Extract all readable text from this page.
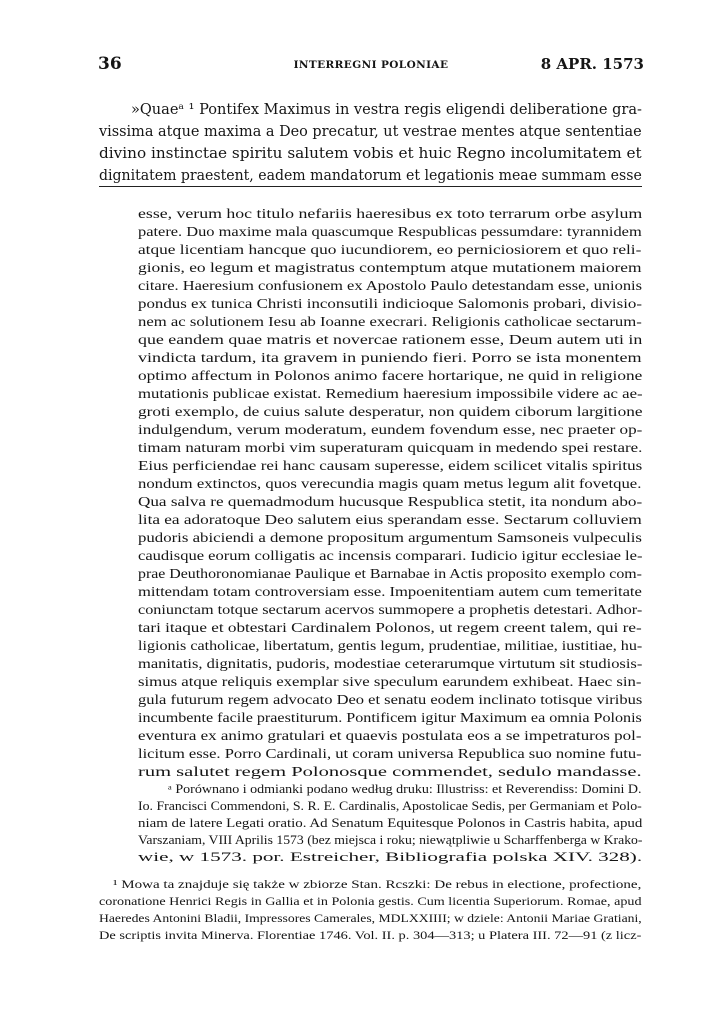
36	INTERREGNI POLONIAE	8 APR. 1573

»Quaeᵃ ¹ Pontifex Maximus in vestra regis eligendi deliberatione gra-

vissima atque maxima a Deo precatur, ut vestrae mentes atque sententiae

divino instinctae spiritu salutem vobis et huic Regno incolumitatem et

dignitatem praestent, eadem mandatorum et legationis meae summam esse

esse, verum hoc titulo nefariis haeresibus ex toto terrarum orbe asylum

patere. Duo maxime mala quascumque Respublicas pessumdare: tyrannidem

atque licentiam hancque quo iucundiorem, eo perniciosiorem et quo reli-

gionis, eo legum et magistratus contemptum atque mutationem maiorem

citare. Haeresium confusionem ex Apostolo Paulo detestandam esse, unionis

pondus ex tunica Christi inconsutili indicioque Salomonis probari, divisio-

nem ac solutionem Iesu ab Ioanne execrari. Religionis catholicae sectarum-

que eandem quae matris et novercae rationem esse, Deum autem uti in

vindicta tardum, ita gravem in puniendo fieri. Porro se ista monentem

optimo affectum in Polonos animo facere hortarique, ne quid in religione

mutationis publicae existat. Remedium haeresium impossibile videre ac ae-

groti exemplo, de cuius salute desperatur, non quidem ciborum largitione

indulgendum, verum moderatum, eundem fovendum esse, nec praeter op-

timam naturam morbi vim superaturam quicquam in medendo spei restare.

Eius perficiendae rei hanc causam superesse, eidem scilicet vitalis spiritus

nondum extinctos, quos verecundia magis quam metus legum alit fovetque.

Qua salva re quemadmodum hucusque Respublica stetit, ita nondum abo-

lita ea adoratoque Deo salutem eius sperandam esse. Sectarum colluviem

pudoris abiciendi a demone propositum argumentum Samsoneis vulpeculis

caudisque eorum colligatis ac incensis comparari. Iudicio igitur ecclesiae le-

prae Deuthoronomianae Paulique et Barnabae in Actis proposito exemplo com-

mittendam totam controversiam esse. Impoenitentiam autem cum temeritate

coniunctam totque sectarum acervos summopere a prophetis detestari. Adhor-

tari itaque et obtestari Cardinalem Polonos, ut regem creent talem, qui re-

ligionis catholicae, libertatum, gentis legum, prudentiae, militiae, iustitiae, hu-

manitatis, dignitatis, pudoris, modestiae ceterarumque virtutum sit studiosis-

simus atque reliquis exemplar sive speculum earundem exhibeat. Haec sin-

gula futurum regem advocato Deo et senatu eodem inclinato totisque viribus

incumbente facile praestiturum. Pontificem igitur Maximum ea omnia Polonis

eventura ex animo gratulari et quaevis postulata eos a se impetraturos pol-

licitum esse. Porro Cardinali, ut coram universa Republica suo nomine futu-

rum salutet regem Polonosque commendet, sedulo mandasse.

ᵃ Porównano i odmianki podano według druku: Illustriss: et Reverendiss: Domini D.

Io. Francisci Commendoni, S. R. E. Cardinalis, Apostolicae Sedis, per Germaniam et Polo-

niam de latere Legati oratio. Ad Senatum Equitesque Polonos in Castris habita, apud

Varszaniam, VIII Aprilis 1573 (bez miejsca i roku; niewątpliwie u Scharffenberga w Krako-

wie, w 1573. por. Estreicher, Bibliografia polska XIV. 328).

¹ Mowa ta znajduje się także w zbiorze Stan. Rcszki: De rebus in electione, profectione,

coronatione Henrici Regis in Gallia et in Polonia gestis. Cum licentia Superiorum. Romae, apud

Haeredes Antonini Bladii, Impressores Camerales, MDLXXIIII; w dziele: Antonii Mariae Gratiani,

De scriptis invita Minerva. Florentiae 1746. Vol. II. p. 304—313; u Platera III. 72—91 (z licz-
